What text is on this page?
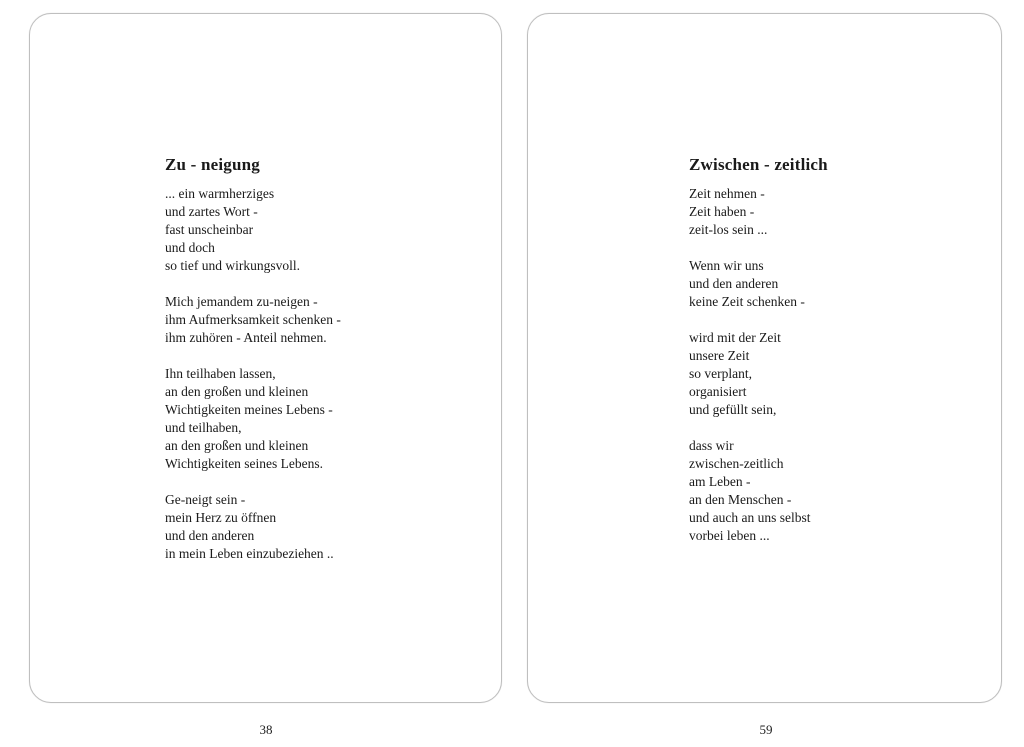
Zu - neigung
... ein warmherziges
und zartes Wort -
fast unscheinbar
und doch
so tief und wirkungsvoll.
Mich jemandem zu-neigen -
ihm Aufmerksamkeit schenken -
ihm zuhören - Anteil nehmen.
Ihn teilhaben lassen,
an den großen und kleinen
Wichtigkeiten meines Lebens -
und teilhaben,
an den großen und kleinen
Wichtigkeiten seines Lebens.
Ge-neigt sein -
mein Herz zu öffnen
und den anderen
in mein Leben einzubeziehen ..
Zwischen - zeitlich
Zeit nehmen -
Zeit haben -
zeit-los sein ...
Wenn wir uns
und den anderen
keine Zeit schenken -
wird mit der Zeit
unsere Zeit
so verplant,
organisiert
und gefüllt sein,
dass wir
zwischen-zeitlich
am Leben -
an den Menschen -
und auch an uns selbst
vorbei leben ...
38	59
